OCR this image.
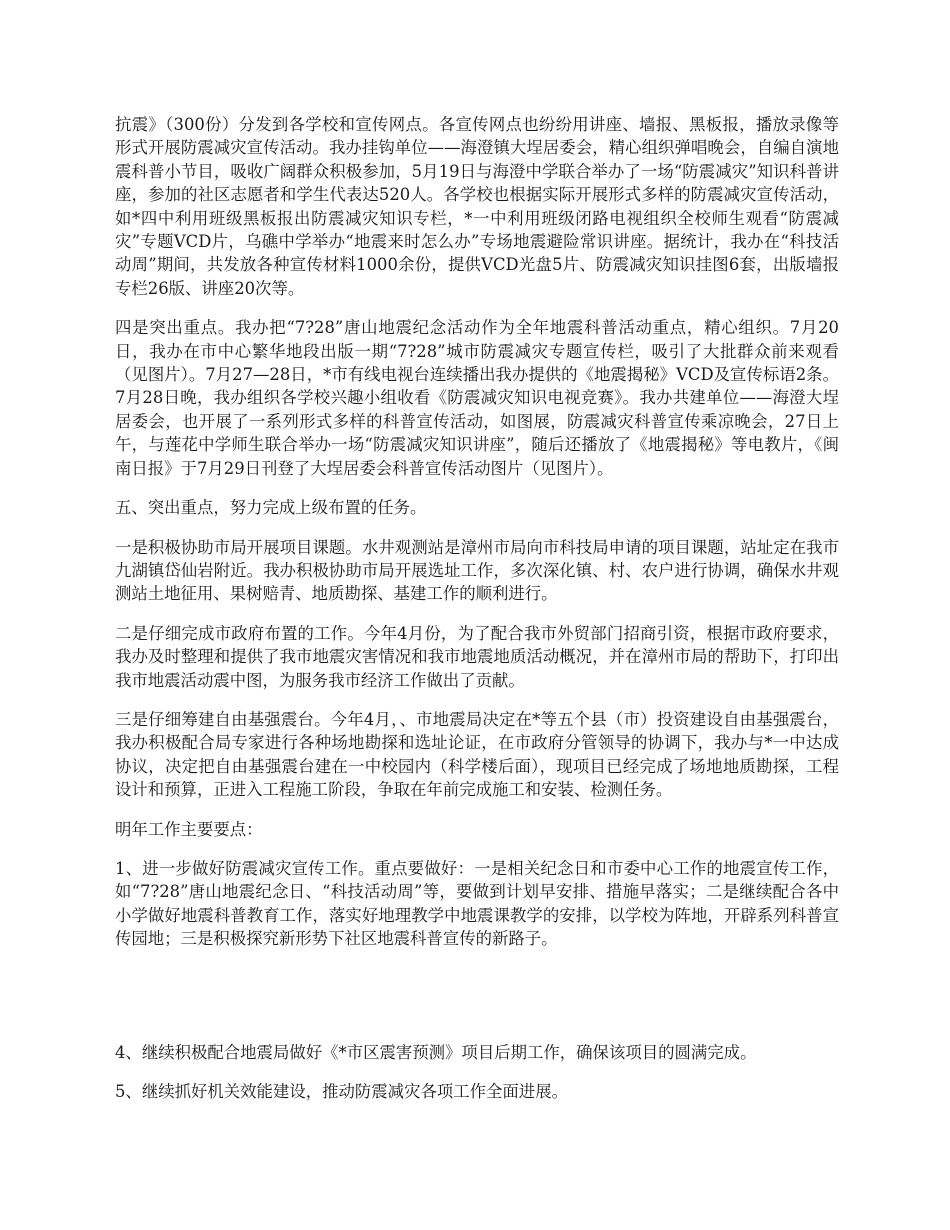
抗震》（300份）分发到各学校和宣传网点。各宣传网点也纷纷用讲座、墙报、黑板报，播放录像等形式开展防震减灾宣传活动。我办挂钩单位——海澄镇大埕居委会，精心组织弹唱晚会，自编自演地震科普小节目，吸收广阔群众积极参加，5月19日与海澄中学联合举办了一场“防震减灾”知识科普讲座，参加的社区志愿者和学生代表达520人。各学校也根据实际开展形式多样的防震减灾宣传活动，如*四中利用班级黑板报出防震减灾知识专栏，*一中利用班级闭路电视组织全校师生观看“防震减灾”专题VCD片，乌礁中学举办“地震来时怎么办”专场地震避险常识讲座。据统计，我办在“科技活动周”期间，共发放各种宣传材料1000余份，提供VCD光盘5片、防震减灾知识挂图6套，出版墙报专栏26版、讲座20次等。

四是突出重点。我办把“7?28”唐山地震纪念活动作为全年地震科普活动重点，精心组织。7月20日，我办在市中心繁华地段出版一期“7?28”城市防震减灾专题宣传栏，吸引了大批群众前来观看（见图片）。7月27—28日，*市有线电视台连续播出我办提供的《地震揭秘》VCD及宣传标语2条。7月28日晚，我办组织各学校兴趣小组收看《防震减灾知识电视竞赛》。我办共建单位——海澄大埕居委会，也开展了一系列形式多样的科普宣传活动，如图展，防震减灾科普宣传乘凉晚会，27日上午，与莲花中学师生联合举办一场“防震减灾知识讲座”，随后还播放了《地震揭秘》等电教片，《闽南日报》于7月29日刊登了大埕居委会科普宣传活动图片（见图片）。

五、突出重点，努力完成上级布置的任务。

一是积极协助市局开展项目课题。水井观测站是漳州市局向市科技局申请的项目课题，站址定在我市九湖镇岱仙岩附近。我办积极协助市局开展选址工作，多次深化镇、村、农户进行协调，确保水井观测站土地征用、果树赔青、地质勘探、基建工作的顺利进行。

二是仔细完成市政府布置的工作。今年4月份，为了配合我市外贸部门招商引资，根据市政府要求，我办及时整理和提供了我市地震灾害情况和我市地震地质活动概况，并在漳州市局的帮助下，打印出我市地震活动震中图，为服务我市经济工作做出了贡献。

三是仔细筹建自由基强震台。今年4月，、市地震局决定在*等五个县（市）投资建设自由基强震台，我办积极配合局专家进行各种场地勘探和选址论证，在市政府分管领导的协调下，我办与*一中达成协议，决定把自由基强震台建在一中校园内（科学楼后面），现项目已经完成了场地地质勘探，工程设计和预算，正进入工程施工阶段，争取在年前完成施工和安装、检测任务。

明年工作主要要点：

1、进一步做好防震减灾宣传工作。重点要做好：一是相关纪念日和市委中心工作的地震宣传工作，如“7?28”唐山地震纪念日、“科技活动周”等，要做到计划早安排、措施早落实；二是继续配合各中小学做好地震科普教育工作，落实好地理教学中地震课教学的安排，以学校为阵地，开辟系列科普宣传园地；三是积极探究新形势下社区地震科普宣传的新路子。

4、继续积极配合地震局做好《*市区震害预测》项目后期工作，确保该项目的圆满完成。

5、继续抓好机关效能建设，推动防震减灾各项工作全面进展。
